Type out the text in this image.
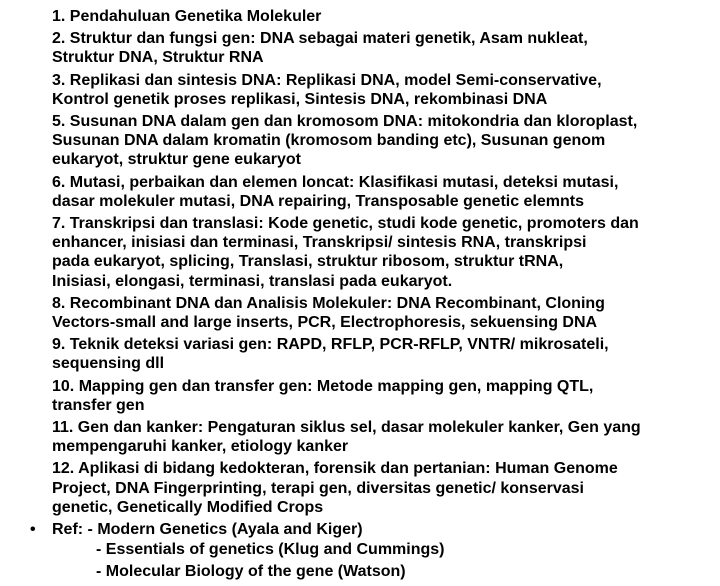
1. Pendahuluan Genetika Molekuler
2. Struktur dan fungsi gen: DNA sebagai materi genetik, Asam nukleat,
Struktur DNA, Struktur RNA
3. Replikasi dan sintesis DNA: Replikasi DNA, model Semi-conservative,
Kontrol genetik proses replikasi, Sintesis DNA, rekombinasi DNA
5. Susunan DNA dalam gen dan kromosom DNA: mitokondria dan kloroplast,
Susunan DNA dalam kromatin (kromosom banding etc), Susunan genom
eukaryot, struktur gene eukaryot
6. Mutasi, perbaikan dan elemen loncat: Klasifikasi mutasi, deteksi mutasi,
dasar molekuler mutasi, DNA repairing, Transposable genetic elemnts
7. Transkripsi dan translasi: Kode genetic, studi kode genetic, promoters dan
enhancer, inisiasi dan terminasi, Transkripsi/ sintesis RNA, transkripsi
pada eukaryot, splicing, Translasi, struktur ribosom, struktur tRNA,
Inisiasi, elongasi, terminasi, translasi pada eukaryot.
8. Recombinant DNA dan Analisis Molekuler: DNA Recombinant, Cloning
Vectors-small and large inserts, PCR, Electrophoresis, sekuensing DNA
9. Teknik deteksi variasi gen: RAPD, RFLP, PCR-RFLP, VNTR/ mikrosateli,
sequensing dll
10. Mapping gen dan transfer gen: Metode mapping gen, mapping QTL,
transfer gen
11. Gen dan kanker: Pengaturan siklus sel, dasar molekuler kanker, Gen yang
mempengaruhi kanker, etiology kanker
12. Aplikasi di bidang kedokteran, forensik dan pertanian: Human Genome
Project, DNA Fingerprinting, terapi gen, diversitas genetic/ konservasi
genetic, Genetically Modified Crops
• Ref: - Modern Genetics (Ayala and Kiger)
- Essentials of genetics (Klug and Cummings)
- Molecular Biology of the gene (Watson)
